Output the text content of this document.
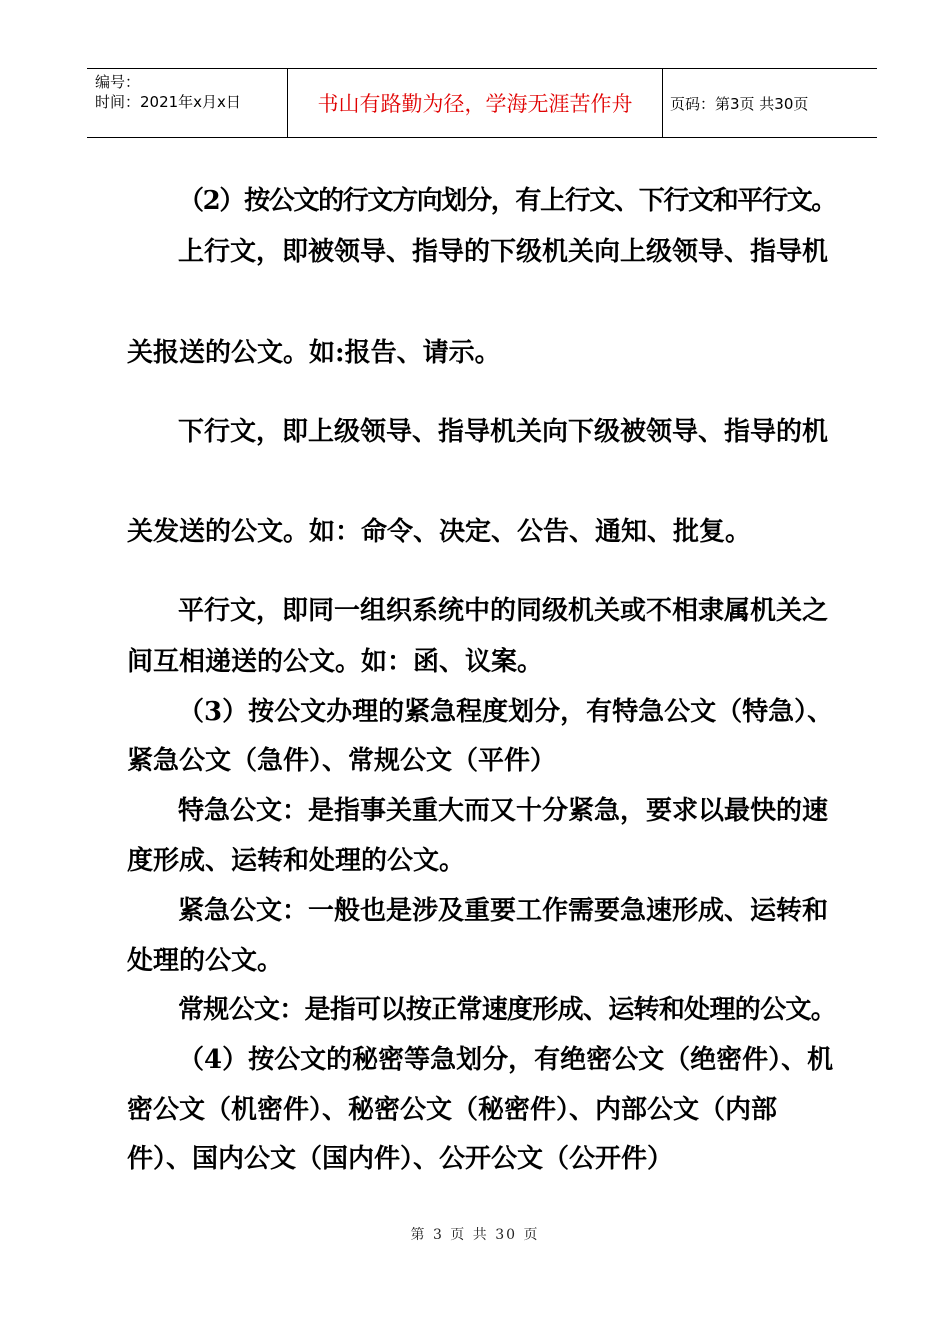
编号：
时间：2021年x月x日	书山有路勤为径，学海无涯苦作舟	页码：第3页 共30页
（2）按公文的行文方向划分，有上行文、下行文和平行文。
上行文，即被领导、指导的下级机关向上级领导、指导机
关报送的公文。如:报告、请示。
下行文，即上级领导、指导机关向下级被领导、指导的机
关发送的公文。如：命令、决定、公告、通知、批复。
平行文，即同一组织系统中的同级机关或不相隶属机关之
间互相递送的公文。如：函、议案。
（3）按公文办理的紧急程度划分，有特急公文（特急）、
紧急公文（急件）、常规公文（平件）
特急公文：是指事关重大而又十分紧急，要求以最快的速
度形成、运转和处理的公文。
紧急公文：一般也是涉及重要工作需要急速形成、运转和
处理的公文。
常规公文：是指可以按正常速度形成、运转和处理的公文。
（4）按公文的秘密等急划分，有绝密公文（绝密件）、机
密公文（机密件）、秘密公文（秘密件）、内部公文（内部
件）、国内公文（国内件）、公开公文（公开件）
第 3 页 共 30 页
